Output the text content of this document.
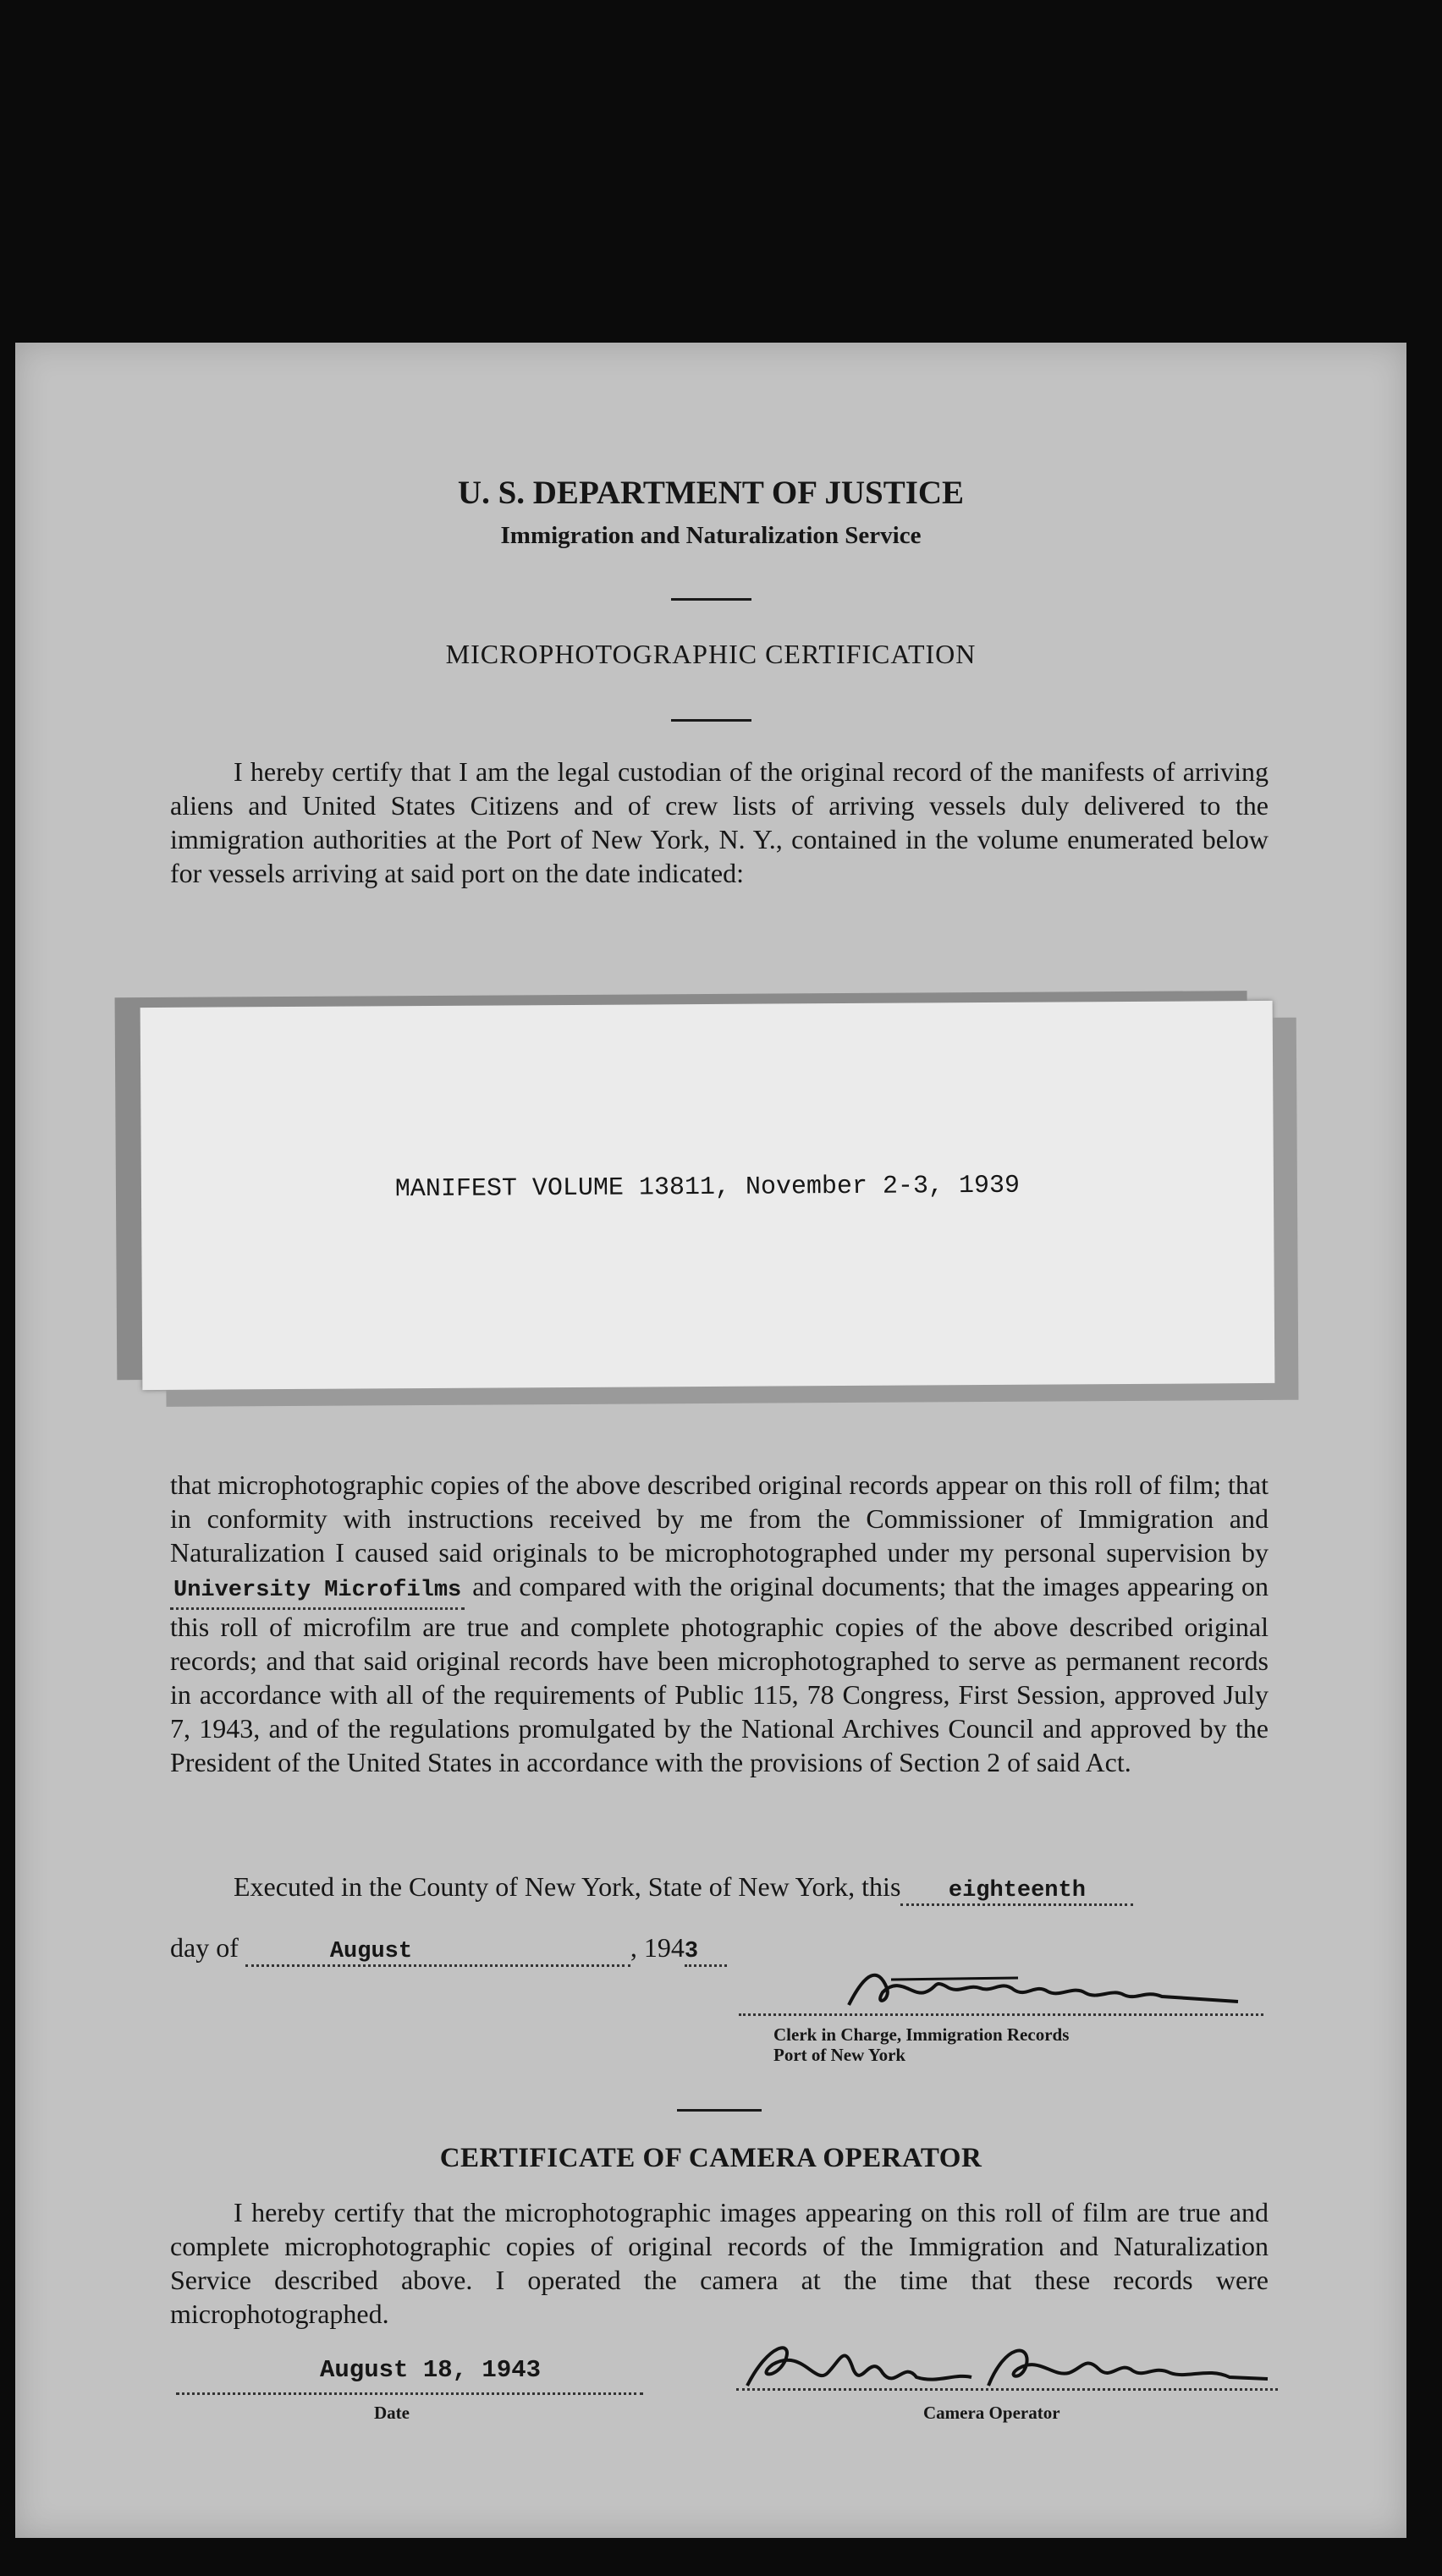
U. S. DEPARTMENT OF JUSTICE
Immigration and Naturalization Service
MICROPHOTOGRAPHIC CERTIFICATION
I hereby certify that I am the legal custodian of the original record of the manifests of arriving aliens and United States Citizens and of crew lists of arriving vessels duly delivered to the immigration authorities at the Port of New York, N. Y., contained in the volume enumerated below for vessels arriving at said port on the date indicated:
MANIFEST VOLUME 13811, November 2-3, 1939
that microphotographic copies of the above described original records appear on this roll of film; that in conformity with instructions received by me from the Commissioner of Immigration and Naturalization I caused said originals to be microphotographed under my personal supervision byUniversity Microfilms and compared with the original documents; that the images appearing on this roll of microfilm are true and complete photographic copies of the above described original records; and that said original records have been microphotographed to serve as permanent records in accordance with all of the requirements of Public 115, 78 Congress, First Session, approved July 7, 1943, and of the regulations promulgated by the National Archives Council and approved by the President of the United States in accordance with the provisions of Section 2 of said Act.
Executed in the County of New York, State of New York, this eighteenth
day of	August	, 1943
Clerk in Charge, Immigration Records
Port of New York
CERTIFICATE OF CAMERA OPERATOR
I hereby certify that the microphotographic images appearing on this roll of film are true and complete microphotographic copies of original records of the Immigration and Naturalization Service described above. I operated the camera at the time that these records were microphotographed.
August 18, 1943
Date	Camera Operator
